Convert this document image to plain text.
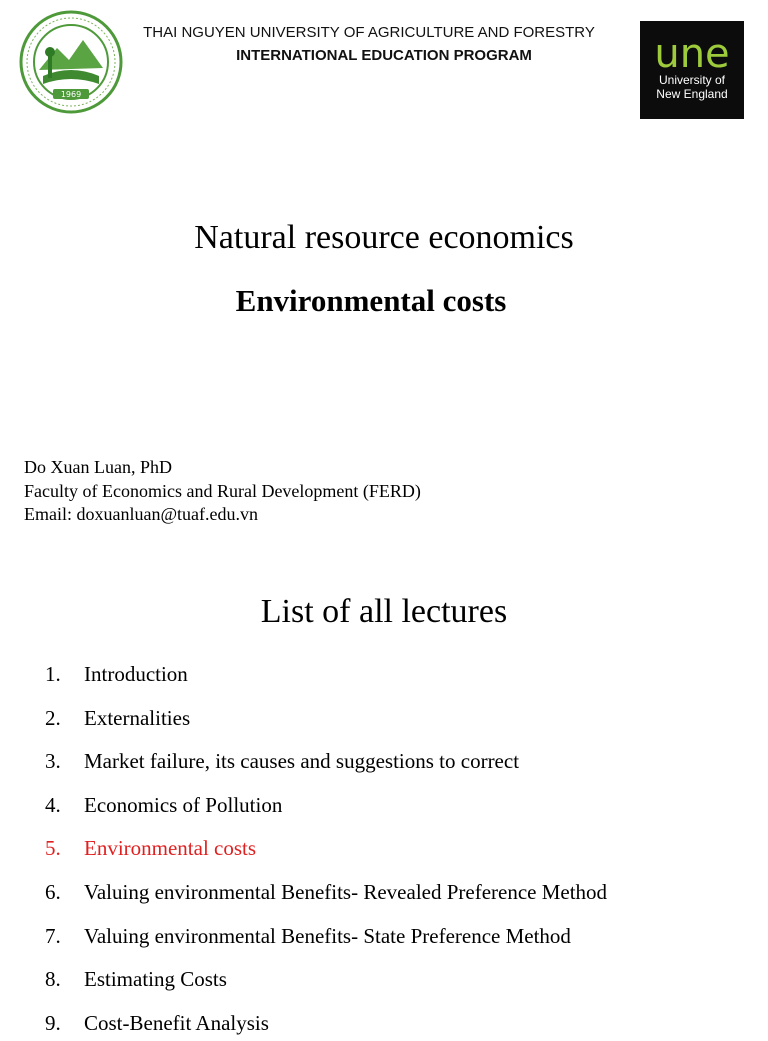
1969
THAI NGUYEN UNIVERSITY OF AGRICULTURE AND FORESTRY
INTERNATIONAL EDUCATION PROGRAM	une
University of
New England
Natural resource economics
Environmental costs
Do Xuan Luan, PhD
Faculty of Economics and Rural Development (FERD)
Email: doxuanluan@tuaf.edu.vn
List of all lectures
1. Introduction
2. Externalities
3. Market failure, its causes and suggestions to correct
4. Economics of Pollution
5. Environmental costs
6. Valuing environmental Benefits- Revealed Preference Method
7. Valuing environmental Benefits- State Preference Method
8. Estimating Costs
9. Cost-Benefit Analysis
